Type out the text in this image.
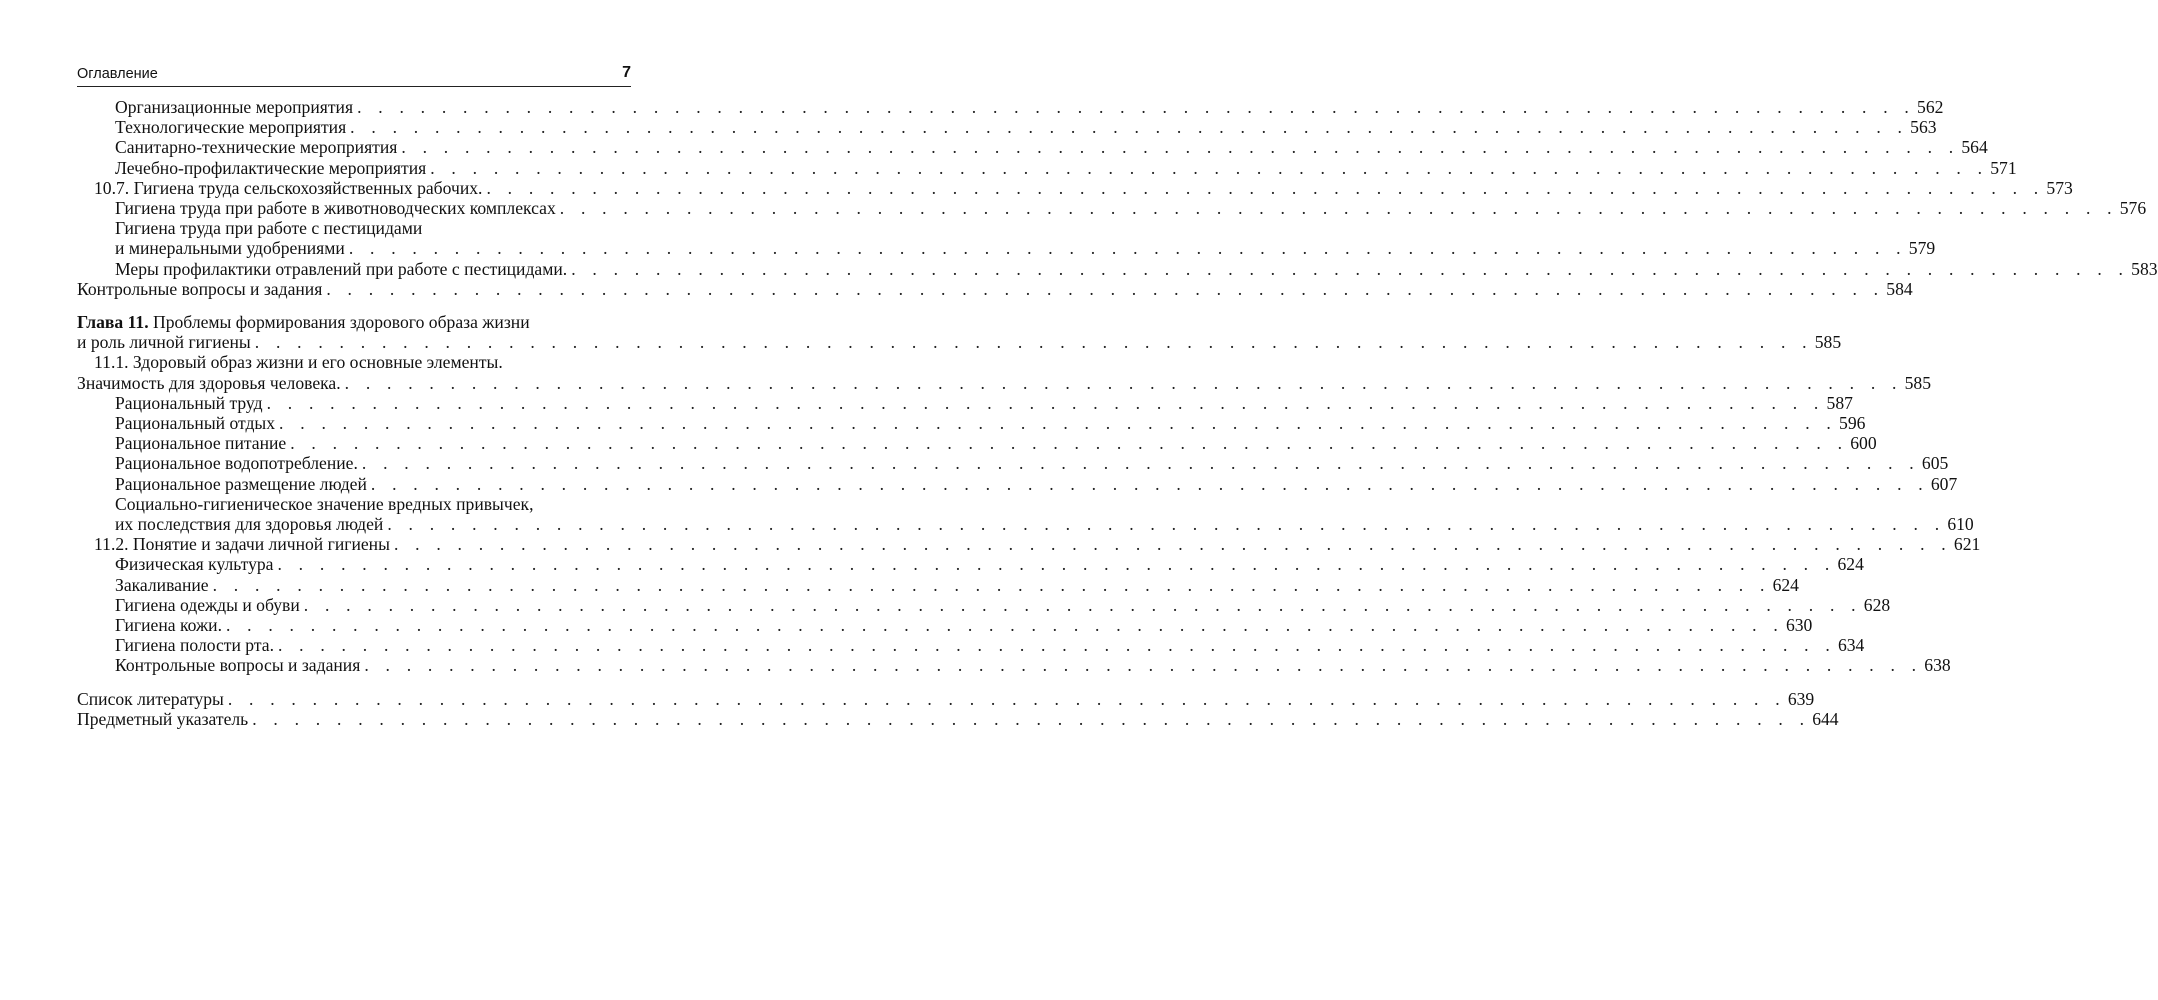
Оглавление	7
Организационные мероприятия . . . . . . . . . . . . . . . . . . . . . . . . . . . . . . . . . . . . . . . . . . . . . . . . . . . . . . . . . . . . . . . . . . . . . . . . . . 562
Технологические мероприятия . . . . . . . . . . . . . . . . . . . . . . . . . . . . . . . . . . . . . . . . . . . . . . . . . . . . . . . . . . . . . . . . . . . . . . . . . . 563
Санитарно-технические мероприятия . . . . . . . . . . . . . . . . . . . . . . . . . . . . . . . . . . . . . . . . . . . . . . . . . . . . . . . . . . . . . . . . . . . . . . . . . . 564
Лечебно-профилактические мероприятия . . . . . . . . . . . . . . . . . . . . . . . . . . . . . . . . . . . . . . . . . . . . . . . . . . . . . . . . . . . . . . . . . . . . . . . . . . 571
10.7. Гигиена труда сельскохозяйственных рабочих. . . . . . . . . . . . . . . . . . . . . . . . . . . . . . . . . . . . . . . . . . . . . . . . . . . . . . . . . . . . . . . . . . . . . . . . . . . 573
Гигиена труда при работе в животноводческих комплексах . . . . . . . . . . . . . . . . . . . . . . . . . . . . . . . . . . . . . . . . . . . . . . . . . . . . . . . . . . . . . . . . . . . . . . . . . . 576
Гигиена труда при работе с пестицидами
и минеральными удобрениями . . . . . . . . . . . . . . . . . . . . . . . . . . . . . . . . . . . . . . . . . . . . . . . . . . . . . . . . . . . . . . . . . . . . . . . . . . 579
Меры профилактики отравлений при работе с пестицидами. . . . . . . . . . . . . . . . . . . . . . . . . . . . . . . . . . . . . . . . . . . . . . . . . . . . . . . . . . . . . . . . . . . . . . . . . . . 583
Контрольные вопросы и задания . . . . . . . . . . . . . . . . . . . . . . . . . . . . . . . . . . . . . . . . . . . . . . . . . . . . . . . . . . . . . . . . . . . . . . . . . . 584
Глава 11. Проблемы формирования здорового образа жизни
и роль личной гигиены . . . . . . . . . . . . . . . . . . . . . . . . . . . . . . . . . . . . . . . . . . . . . . . . . . . . . . . . . . . . . . . . . . . . . . . . . . 585
11.1. Здоровый образ жизни и его основные элементы.
Значимость для здоровья человека. . . . . . . . . . . . . . . . . . . . . . . . . . . . . . . . . . . . . . . . . . . . . . . . . . . . . . . . . . . . . . . . . . . . . . . . . . . 585
Рациональный труд . . . . . . . . . . . . . . . . . . . . . . . . . . . . . . . . . . . . . . . . . . . . . . . . . . . . . . . . . . . . . . . . . . . . . . . . . . 587
Рациональный отдых . . . . . . . . . . . . . . . . . . . . . . . . . . . . . . . . . . . . . . . . . . . . . . . . . . . . . . . . . . . . . . . . . . . . . . . . . . 596
Рациональное питание . . . . . . . . . . . . . . . . . . . . . . . . . . . . . . . . . . . . . . . . . . . . . . . . . . . . . . . . . . . . . . . . . . . . . . . . . . 600
Рациональное водопотребление. . . . . . . . . . . . . . . . . . . . . . . . . . . . . . . . . . . . . . . . . . . . . . . . . . . . . . . . . . . . . . . . . . . . . . . . . . . 605
Рациональное размещение людей . . . . . . . . . . . . . . . . . . . . . . . . . . . . . . . . . . . . . . . . . . . . . . . . . . . . . . . . . . . . . . . . . . . . . . . . . . 607
Социально-гигиеническое значение вредных привычек,
их последствия для здоровья людей . . . . . . . . . . . . . . . . . . . . . . . . . . . . . . . . . . . . . . . . . . . . . . . . . . . . . . . . . . . . . . . . . . . . . . . . . . 610
11.2. Понятие и задачи личной гигиены . . . . . . . . . . . . . . . . . . . . . . . . . . . . . . . . . . . . . . . . . . . . . . . . . . . . . . . . . . . . . . . . . . . . . . . . . . 621
Физическая культура . . . . . . . . . . . . . . . . . . . . . . . . . . . . . . . . . . . . . . . . . . . . . . . . . . . . . . . . . . . . . . . . . . . . . . . . . . 624
Закаливание . . . . . . . . . . . . . . . . . . . . . . . . . . . . . . . . . . . . . . . . . . . . . . . . . . . . . . . . . . . . . . . . . . . . . . . . . . 624
Гигиена одежды и обуви . . . . . . . . . . . . . . . . . . . . . . . . . . . . . . . . . . . . . . . . . . . . . . . . . . . . . . . . . . . . . . . . . . . . . . . . . . 628
Гигиена кожи. . . . . . . . . . . . . . . . . . . . . . . . . . . . . . . . . . . . . . . . . . . . . . . . . . . . . . . . . . . . . . . . . . . . . . . . . . . 630
Гигиена полости рта. . . . . . . . . . . . . . . . . . . . . . . . . . . . . . . . . . . . . . . . . . . . . . . . . . . . . . . . . . . . . . . . . . . . . . . . . . . 634
Контрольные вопросы и задания . . . . . . . . . . . . . . . . . . . . . . . . . . . . . . . . . . . . . . . . . . . . . . . . . . . . . . . . . . . . . . . . . . . . . . . . . . 638
Список литературы . . . . . . . . . . . . . . . . . . . . . . . . . . . . . . . . . . . . . . . . . . . . . . . . . . . . . . . . . . . . . . . . . . . . . . . . . . 639
Предметный указатель . . . . . . . . . . . . . . . . . . . . . . . . . . . . . . . . . . . . . . . . . . . . . . . . . . . . . . . . . . . . . . . . . . . . . . . . . . 644
